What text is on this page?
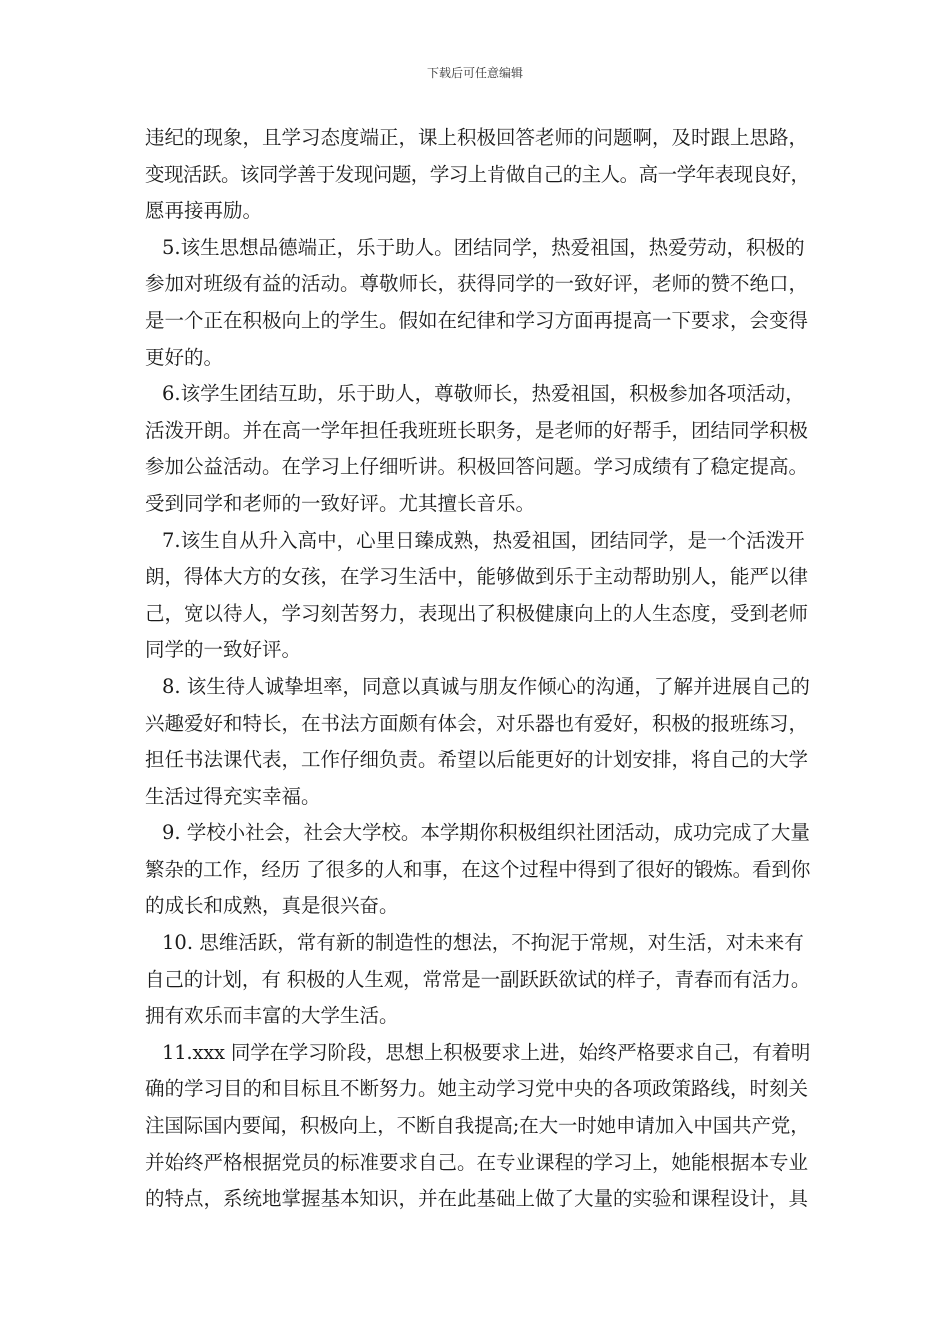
下载后可任意编辑
违纪的现象，且学习态度端正，课上积极回答老师的问题啊，及时跟上思路，
变现活跃。该同学善于发现问题，学习上肯做自己的主人。高一学年表现良好，
愿再接再励。
5.该生思想品德端正，乐于助人。团结同学，热爱祖国，热爱劳动，积极的
参加对班级有益的活动。尊敬师长，获得同学的一致好评，老师的赞不绝口，
是一个正在积极向上的学生。假如在纪律和学习方面再提高一下要求，会变得
更好的。
6.该学生团结互助，乐于助人，尊敬师长，热爱祖国，积极参加各项活动，
活泼开朗。并在高一学年担任我班班长职务，是老师的好帮手，团结同学积极
参加公益活动。在学习上仔细听讲。积极回答问题。学习成绩有了稳定提高。
受到同学和老师的一致好评。尤其擅长音乐。
7.该生自从升入高中，心里日臻成熟，热爱祖国，团结同学，是一个活泼开
朗，得体大方的女孩，在学习生活中，能够做到乐于主动帮助别人，能严以律
己，宽以待人，学习刻苦努力，表现出了积极健康向上的人生态度，受到老师
同学的一致好评。
8. 该生待人诚挚坦率，同意以真诚与朋友作倾心的沟通，了解并进展自己的
兴趣爱好和特长，在书法方面颇有体会，对乐器也有爱好，积极的报班练习，
担任书法课代表，工作仔细负责。希望以后能更好的计划安排，将自己的大学
生活过得充实幸福。
9. 学校小社会，社会大学校。本学期你积极组织社团活动，成功完成了大量
繁杂的工作，经历 了很多的人和事，在这个过程中得到了很好的锻炼。看到你
的成长和成熟，真是很兴奋。
10. 思维活跃，常有新的制造性的想法，不拘泥于常规，对生活，对未来有
自己的计划，有 积极的人生观，常常是一副跃跃欲试的样子，青春而有活力。
拥有欢乐而丰富的大学生活。
11.xxx 同学在学习阶段，思想上积极要求上进，始终严格要求自己，有着明
确的学习目的和目标且不断努力。她主动学习党中央的各项政策路线，时刻关
注国际国内要闻，积极向上，不断自我提高;在大一时她申请加入中国共产党，
并始终严格根据党员的标准要求自己。在专业课程的学习上，她能根据本专业
的特点，系统地掌握基本知识，并在此基础上做了大量的实验和课程设计，具
